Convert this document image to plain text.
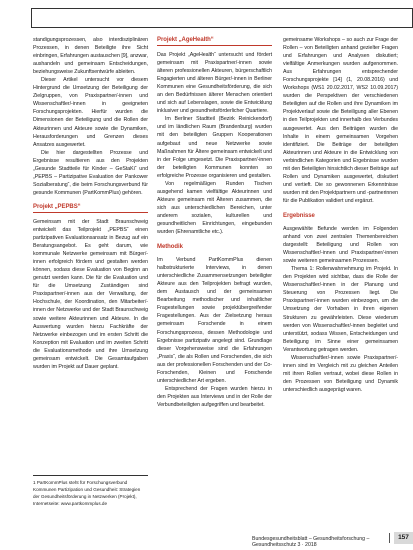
standigungsprozessen, also interdisziplinären Prozessen, in denen Beteiligte ihre Sicht einbringen, Erfahrungen austauschen [9], anzwar, aushandeln und gemeinsam Entscheidungen, beziehungsweise Zukunftsentwürfe ableiten.

Dieser Artikel untersucht vor diesem Hintergrund die Umsetzung der Beteiligung der Zielgruppen, von Praxispartner/-innen und Wissenschaftler/-innen in geeigneten Forschungsprojekten. Hierfür wurden die Dimensionen der Beteiligung und die Rollen der Akteurinnen und Akteure sowie die Dynamiken, Herausforderungen und Grenzen dieses Ansatzes ausgewertet.

Die hier dargestellten Prozesse und Ergebnisse resultieren aus den Projekten „Gesunde Stadtteile für Kinder – GeStaKi“ und „PEPBS – Partizipative Evaluation der Pankower Sozialberatung“, die beim Forschungsverbund für gesunde Kommunen (PartKommPlus) gehören.

Projekt „PEPBS“

Gemeinsam mit der Stadt Braunschweig entwickelt das Teilprojekt „PEPBS“ einen partizipativen Evaluationsansatz in Bezug auf ein Beratungsangebot. Es geht darum, wie kommunale Netzwerke gemeinsam mit Bürger/-innen erfolgreich fördern und gestalten werden können, sodass diese Evaluation von Beginn an genutzt werden kann. Die für die Evaluation und für die Umsetzung Zuständigen sind Praxispartner/-innen aus der Verwaltung, der Hochschule, der Koordination, den Mitarbeiter/-innen der Netzwerke und der Stadt Braunschweig sowie weitere Akteurinnen und Akteure. In die Auswertung wurden hierzu Fachkräfte der Netzwerke einbezogen und im ersten Schritt die Konzeption mit Evaluation und im zweiten Schritt die Evaluationsmethode und ihre Umsetzung gemeinsam entwickelt. Die Gesamtaufgaben wurden im Projekt auf Dauer geplant.

1 PartKommPlus steht für Forschungsverbund Kommunen Partizipation und Gesundheit: Strategien der Gesundheitsförderung in Netzwerken (Projekt), Internetseite: www.partkommplus.de
Projekt „AgeHealth“

Das Projekt „AgeHealth“ untersucht und fördert gemeinsam mit Praxispartner/-innen sowie älteren professionellen Akteuren, bürgerschaftlich Engagierten und älteren Bürger/-innen in Berliner Kommunen eine Gesundheitsförderung, die sich an den Bedürfnissen älterer Menschen orientiert und sich auf Lebenslagen, sowie die Entwicklung inklusiver und gesundheitsförderlicher Quartiere.

Im Berliner Stadtteil (Bezirk Reinickendorf) und im ländlichen Raum (Brandenburg) wurden mit den beteiligten Gruppen Kooperationen aufgebaut und neue Netzwerke sowie Maßnahmen für Ältere gemeinsam entwickelt und in der Folge umgesetzt. Die Praxispartner/-innen der beteiligten Kommunen konnten so erfolgreiche Prozesse organisieren und gestalten.

Von regelmäßigen Runden Tischen ausgehend kamen vielfältige Akteurinnen und Akteure gemeinsam mit Älteren zusammen, die sich aus unterschiedlichen Bereichen, unter anderem sozialen, kulturellen und gesundheitlichen Einrichtungen, eingebunden wurden (Ehrenamtliche etc.).

Methodik

Im Verbund PartKommPlus dienen halbstrukturierte Interviews, in denen unterschiedliche Zusammensetzungen beteiligter Akteure aus den Teilprojekten befragt wurden, dem Austausch und der gemeinsamen Bearbeitung methodischer und inhaltlicher Fragestellungen sowie projektübergreifender Fragestellungen. Aus der Zielsetzung heraus gemeinsam Forschende in einem Forschungsprozess, dessen Methodologie und Ergebnisse partizipativ angelegt sind. Grundlage dieser Vorgehensweise sind die Erfahrungen „Praxis“, die als Rollen und Forschenden, die sich aus der professionellen Forschenden und der Co-Forschenden, Kleinen und Forschende unterschiedlicher Art ergeben.

Entsprechend der Fragen wurden hierzu in den Projekten aus Interviews und in der Rolle der Verbundbeteiligten aufgegriffen und bearbeitet.

gemeinsame Workshops – so auch zur Frage der Rollen – von Beteiligten anhand gezielter Fragen und Erfahrungen und Analysen diskutiert; vielfältige Anmerkungen wurden aufgenommen. Aus Erfahrungen entsprechender Forschungsprojekte [14] (1, 20.08.2016) und Workshops (WS1 20.02.2017, WS2 10.09.2017) wurden die Perspektiven der verschiedenen Beteiligten auf die Rollen und ihre Dynamiken im Projektverlauf sowie die Beteiligung aller Ebenen in den Teilprojekten und innerhalb des Verbundes ausgewertet. Aus den Beiträgen wurden die Inhalte in einem gemeinsamen Vorgehen identifiziert. Die Beiträge der beteiligten Akteurinnen und Akteure in die Entwicklung von verbindlichen Kategorien und Ergebnisse wurden mit den Beteiligten hinsichtlich dieser Beiträge auf Rollen und Dynamiken ausgewertet, diskutiert und vertieft. Die so gewonnenen Erkenntnisse wurden mit den Projektpartnern und -partnerinnen für die Publikation validiert und ergänzt.

Ergebnisse

Ausgewählte Befunde werden im Folgenden anhand von zwei zentralen Themenbereichen dargestellt: Beteiligung und Rollen von Wissenschaftler/-innen und Praxispartner/-innen sowie weiteren gemeinsamen Prozessen.

Thema 1: Rollenwahrnehmung im Projekt. In den Projekten wird sichtbar, dass die Rolle der Wissenschaftler/-innen in der Planung und Steuerung von Prozessen liegt. Die Praxispartner/-innen wurden einbezogen, um die Umsetzung der Vorhaben in ihren eigenen Strukturen zu gewährleisten. Diese wiederum werden von Wissenschaftler/-innen begleitet und unterstützt, sodass Wissen, Entscheidungen und Beteiligung im Sinne einer gemeinsamen Verantwortung getragen werden.

Wissenschaftler/-innen sowie Praxispartner/-innen sind im Vergleich mit zu gleichen Anteilen mit ihren Rollen vertraut, wobei diese Rollen in den Prozessen von Beteiligung und Dynamik unterschiedlich ausgeprägt waren.

Bundesgesundheitsblatt – Gesundheitsforschung – Gesundheitsschutz 3 · 2018
157
